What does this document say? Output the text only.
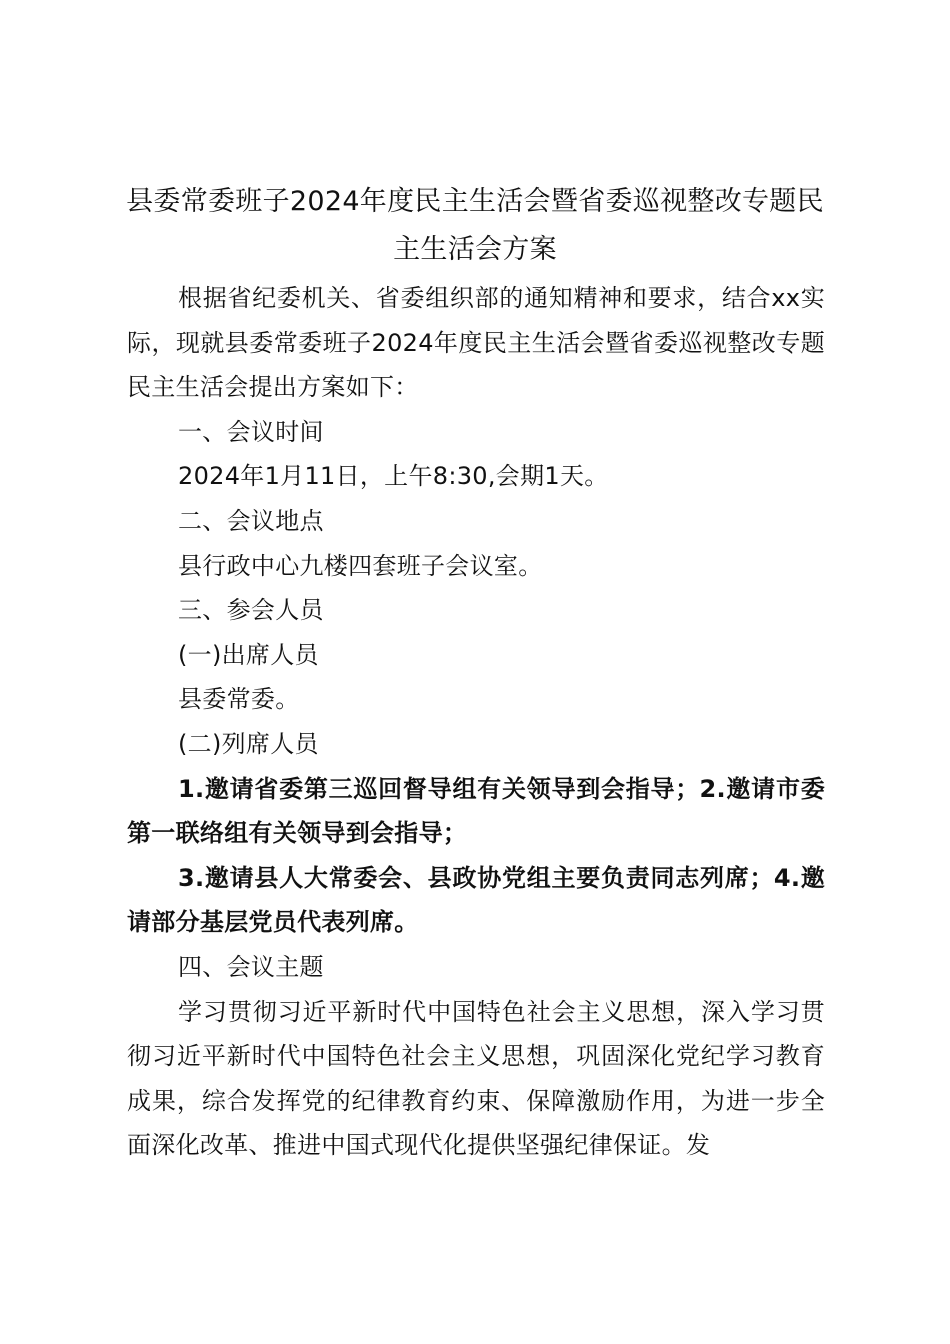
县委常委班子2024年度民主生活会暨省委巡视整改专题民主生活会方案

根据省纪委机关、省委组织部的通知精神和要求，结合xx实际，现就县委常委班子2024年度民主生活会暨省委巡视整改专题民主生活会提出方案如下：

一、会议时间

2024年1月11日，上午8:30,会期1天。

二、会议地点

县行政中心九楼四套班子会议室。

三、参会人员

(一)出席人员

县委常委。

(二)列席人员

1.邀请省委第三巡回督导组有关领导到会指导；2.邀请市委第一联络组有关领导到会指导；

3.邀请县人大常委会、县政协党组主要负责同志列席；4.邀请部分基层党员代表列席。

四、会议主题

学习贯彻习近平新时代中国特色社会主义思想，深入学习贯彻习近平新时代中国特色社会主义思想，巩固深化党纪学习教育成果，综合发挥党的纪律教育约束、保障激励作用，为进一步全面深化改革、推进中国式现代化提供坚强纪律保证。发
